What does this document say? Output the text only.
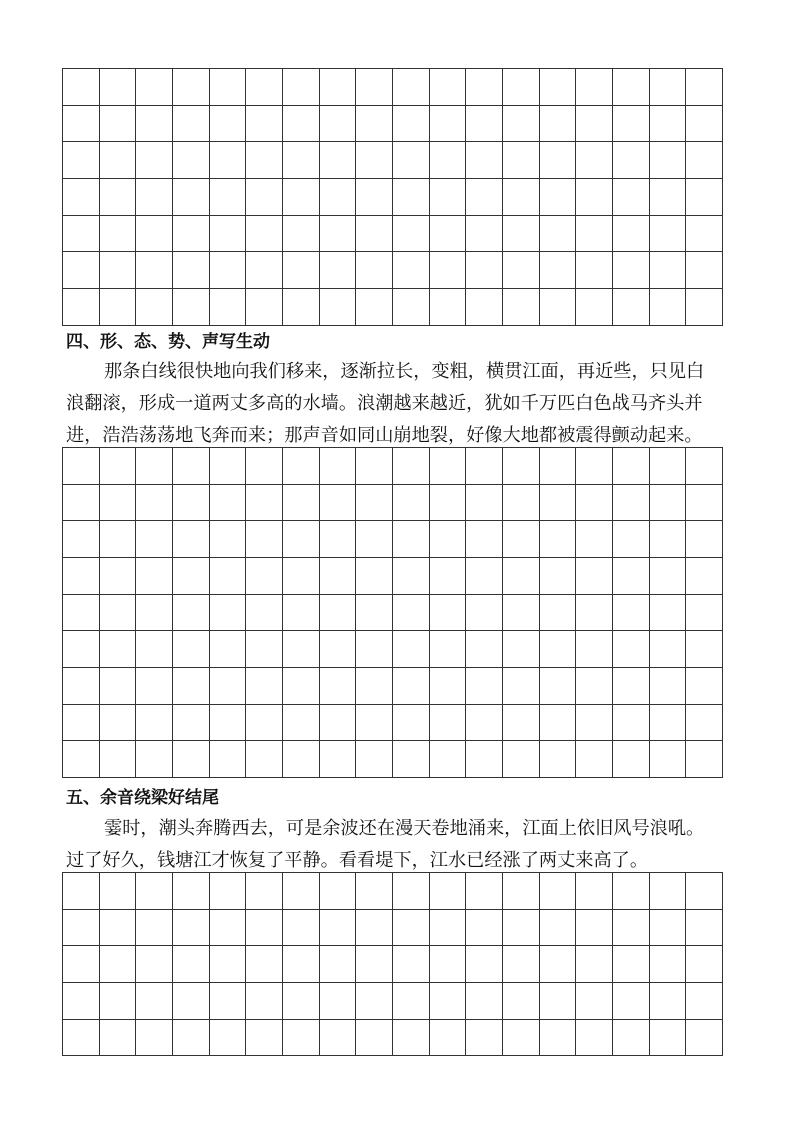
四、形、态、势、声写生动
那条白线很快地向我们移来，逐渐拉长，变粗，横贯江面，再近些，只见白
浪翻滚，形成一道两丈多高的水墙。浪潮越来越近，犹如千万匹白色战马齐头并
进，浩浩荡荡地飞奔而来；那声音如同山崩地裂，好像大地都被震得颤动起来。
五、余音绕梁好结尾
霎时，潮头奔腾西去，可是余波还在漫天卷地涌来，江面上依旧风号浪吼。
过了好久，钱塘江才恢复了平静。看看堤下，江水已经涨了两丈来高了。
